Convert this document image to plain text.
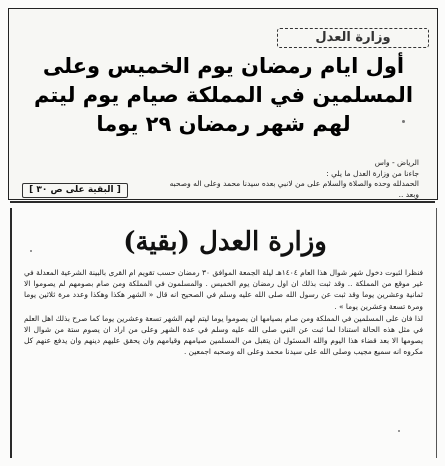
وزارة العدل
أول ايام رمضان يوم الخميس وعلى المسلمين في المملكة صيام يوم ليتم لهم شهر رمضان ٢٩ يوما
الرياض - واس
جاءنا من وزارة العدل ما يلي :
الحمدلله وحده والصلاة والسلام على من لانبي بعده سيدنا محمد وعلى اله وصحبه
وبعد ..
[ البقية على ص ٣٠ ]
وزارة العدل (بقية)

فنظرا لثبوت دخول شهر شوال هذا العام ١٤٠٤هـ ليلة الجمعة الموافق ٣٠ رمضان حسب تقويم ام القرى بالبينة الشرعية المعدلة في غير موقع من المملكة .. وقد ثبت بذلك ان اول رمضان يوم الخميس . والمسلمون في المملكة ومن صام بصومهم لم يصوموا الا ثمانية وعشرين يوما وقد ثبت عن رسول الله صلى الله عليه وسلم في الصحيح انه قال « الشهر هكذا وهكذا وعدد مرة ثلاثين يوما ومرة تسعة وعشرين يوما » .

لذا فان على المسلمين في المملكة ومن صام بصيامها ان يصوموا يوما ليتم لهم الشهر تسعة وعشرين يوما كما صرح بذلك اهل العلم في مثل هذه الحالة استنادا لما ثبت عن النبي صلى الله عليه وسلم في عدة الشهر وعلى من اراد ان يصوم ستة من شوال الا يصومها الا بعد قضاء هذا اليوم والله المسئول ان يتقبل من المسلمين صيامهم وقيامهم وان يحقق عليهم دينهم وان يدفع عنهم كل مكروه انه سميع مجيب وصلى الله على سيدنا محمد وعلى اله وصحبه اجمعين .
